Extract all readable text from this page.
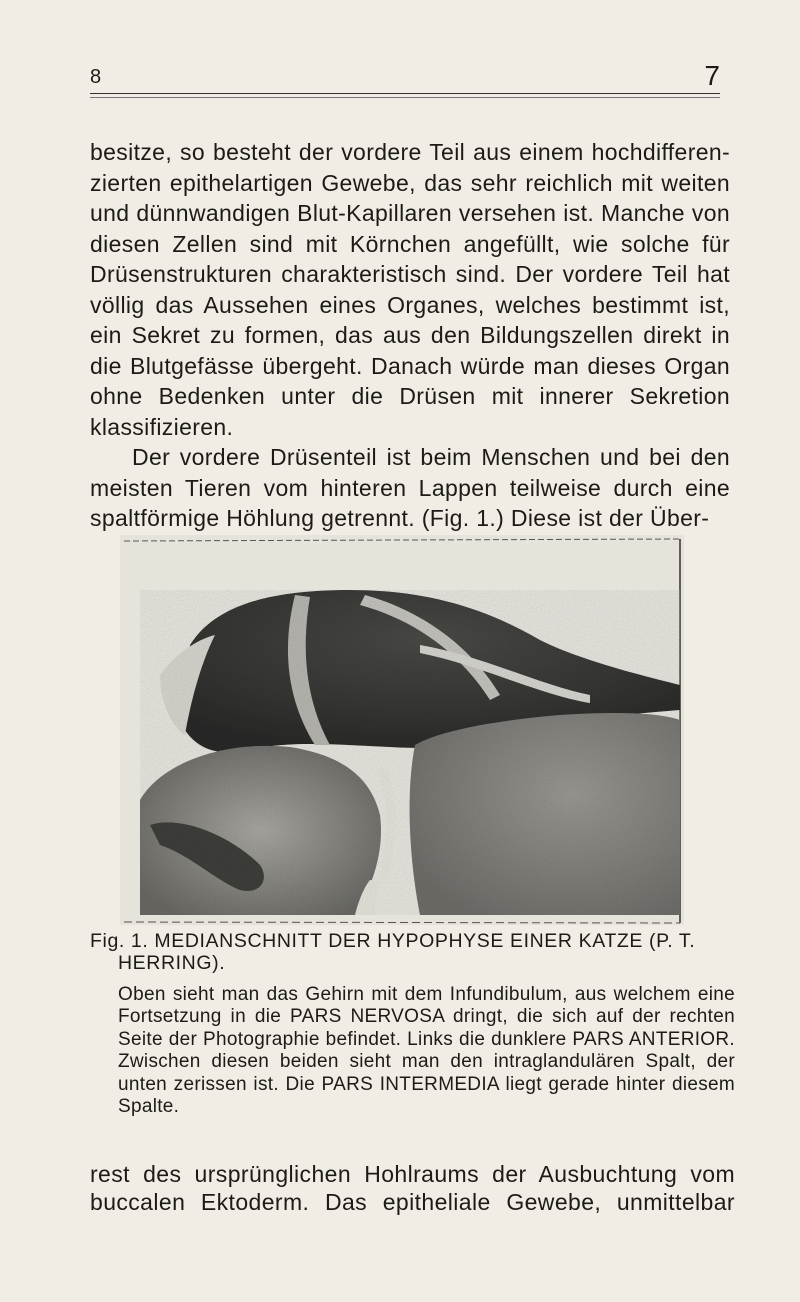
8	7

besitze, so besteht der vordere Teil aus einem hochdifferen-zierten epithelartigen Gewebe, das sehr reichlich mit weiten und dünnwandigen Blut-Kapillaren versehen ist. Manche von diesen Zellen sind mit Körnchen angefüllt, wie solche für Drüsenstrukturen charakteristisch sind. Der vordere Teil hat völlig das Aussehen eines Organes, welches bestimmt ist, ein Sekret zu formen, das aus den Bildungszellen direkt in die Blutgefässe übergeht. Danach würde man dieses Organ ohne Bedenken unter die Drüsen mit innerer Sekretion klassifizieren.

Der vordere Drüsenteil ist beim Menschen und bei den meisten Tieren vom hinteren Lappen teilweise durch eine spaltförmige Höhlung getrennt. (Fig. 1.) Diese ist der Über-

Fig. 1. MEDIANSCHNITT DER HYPOPHYSE EINER KATZE (P. T. HERRING).
Oben sieht man das Gehirn mit dem Infundibulum, aus welchem eine Fortsetzung in die PARS NERVOSA dringt, die sich auf der rechten Seite der Photographie befindet. Links die dunklere PARS ANTERIOR. Zwischen diesen beiden sieht man den intraglandulären Spalt, der unten zerissen ist. Die PARS INTERMEDIA liegt gerade hinter diesem Spalte.
rest des ursprünglichen Hohlraums der Ausbuchtung vom buccalen Ektoderm. Das epitheliale Gewebe, unmittelbar
